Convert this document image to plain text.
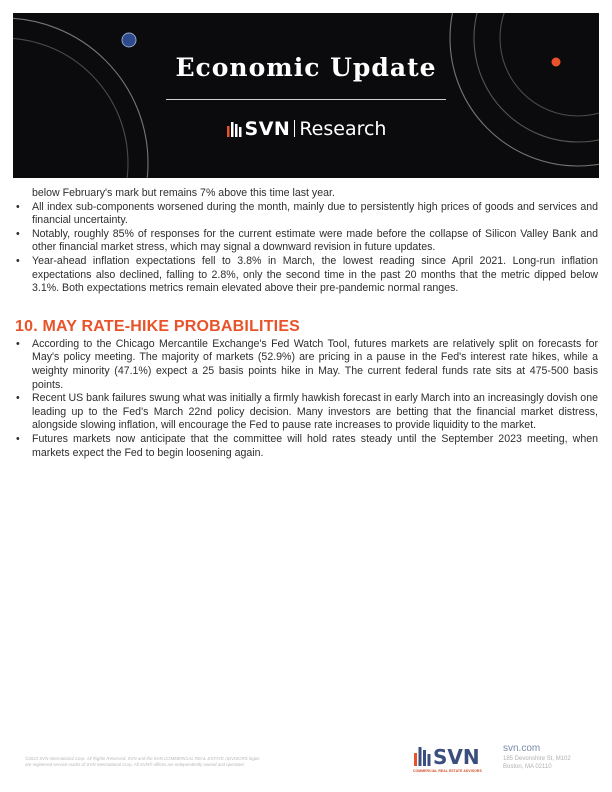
Economic Update
SVN Research

below February's mark but remains 7% above this time last year.

• All index sub-components worsened during the month, mainly due to persistently high prices of goods and services and financial uncertainty.
• Notably, roughly 85% of responses for the current estimate were made before the collapse of Silicon Valley Bank and other financial market stress, which may signal a downward revision in future updates.
• Year-ahead inflation expectations fell to 3.8% in March, the lowest reading since April 2021. Long-run inflation expectations also declined, falling to 2.8%, only the second time in the past 20 months that the metric dipped below 3.1%. Both expectations metrics remain elevated above their pre-pandemic normal ranges.
10. MAY RATE-HIKE PROBABILITIES
• According to the Chicago Mercantile Exchange's Fed Watch Tool, futures markets are relatively split on forecasts for May's policy meeting. The majority of markets (52.9%) are pricing in a pause in the Fed's interest rate hikes, while a weighty minority (47.1%) expect a 25 basis points hike in May. The current federal funds rate sits at 475-500 basis points.
• Recent US bank failures swung what was initially a firmly hawkish forecast in early March into an increasingly dovish one leading up to the Fed's March 22nd policy decision. Many investors are betting that the financial market distress, alongside slowing inflation, will encourage the Fed to pause rate increases to provide liquidity to the market.
• Futures markets now anticipate that the committee will hold rates steady until the September 2023 meeting, when markets expect the Fed to begin loosening again.
©2023 SVN International Corp. All Rights Reserved. SVN and the SVN COMMERCIAL REAL ESTATE ADVISORS logos
are registered service marks of SVN International Corp. All SVN® offices are independently owned and operated.	SVN
COMMERCIAL REAL ESTATE ADVISORS
svn.com
185 Devonshire St, M102
Boston, MA 02110
